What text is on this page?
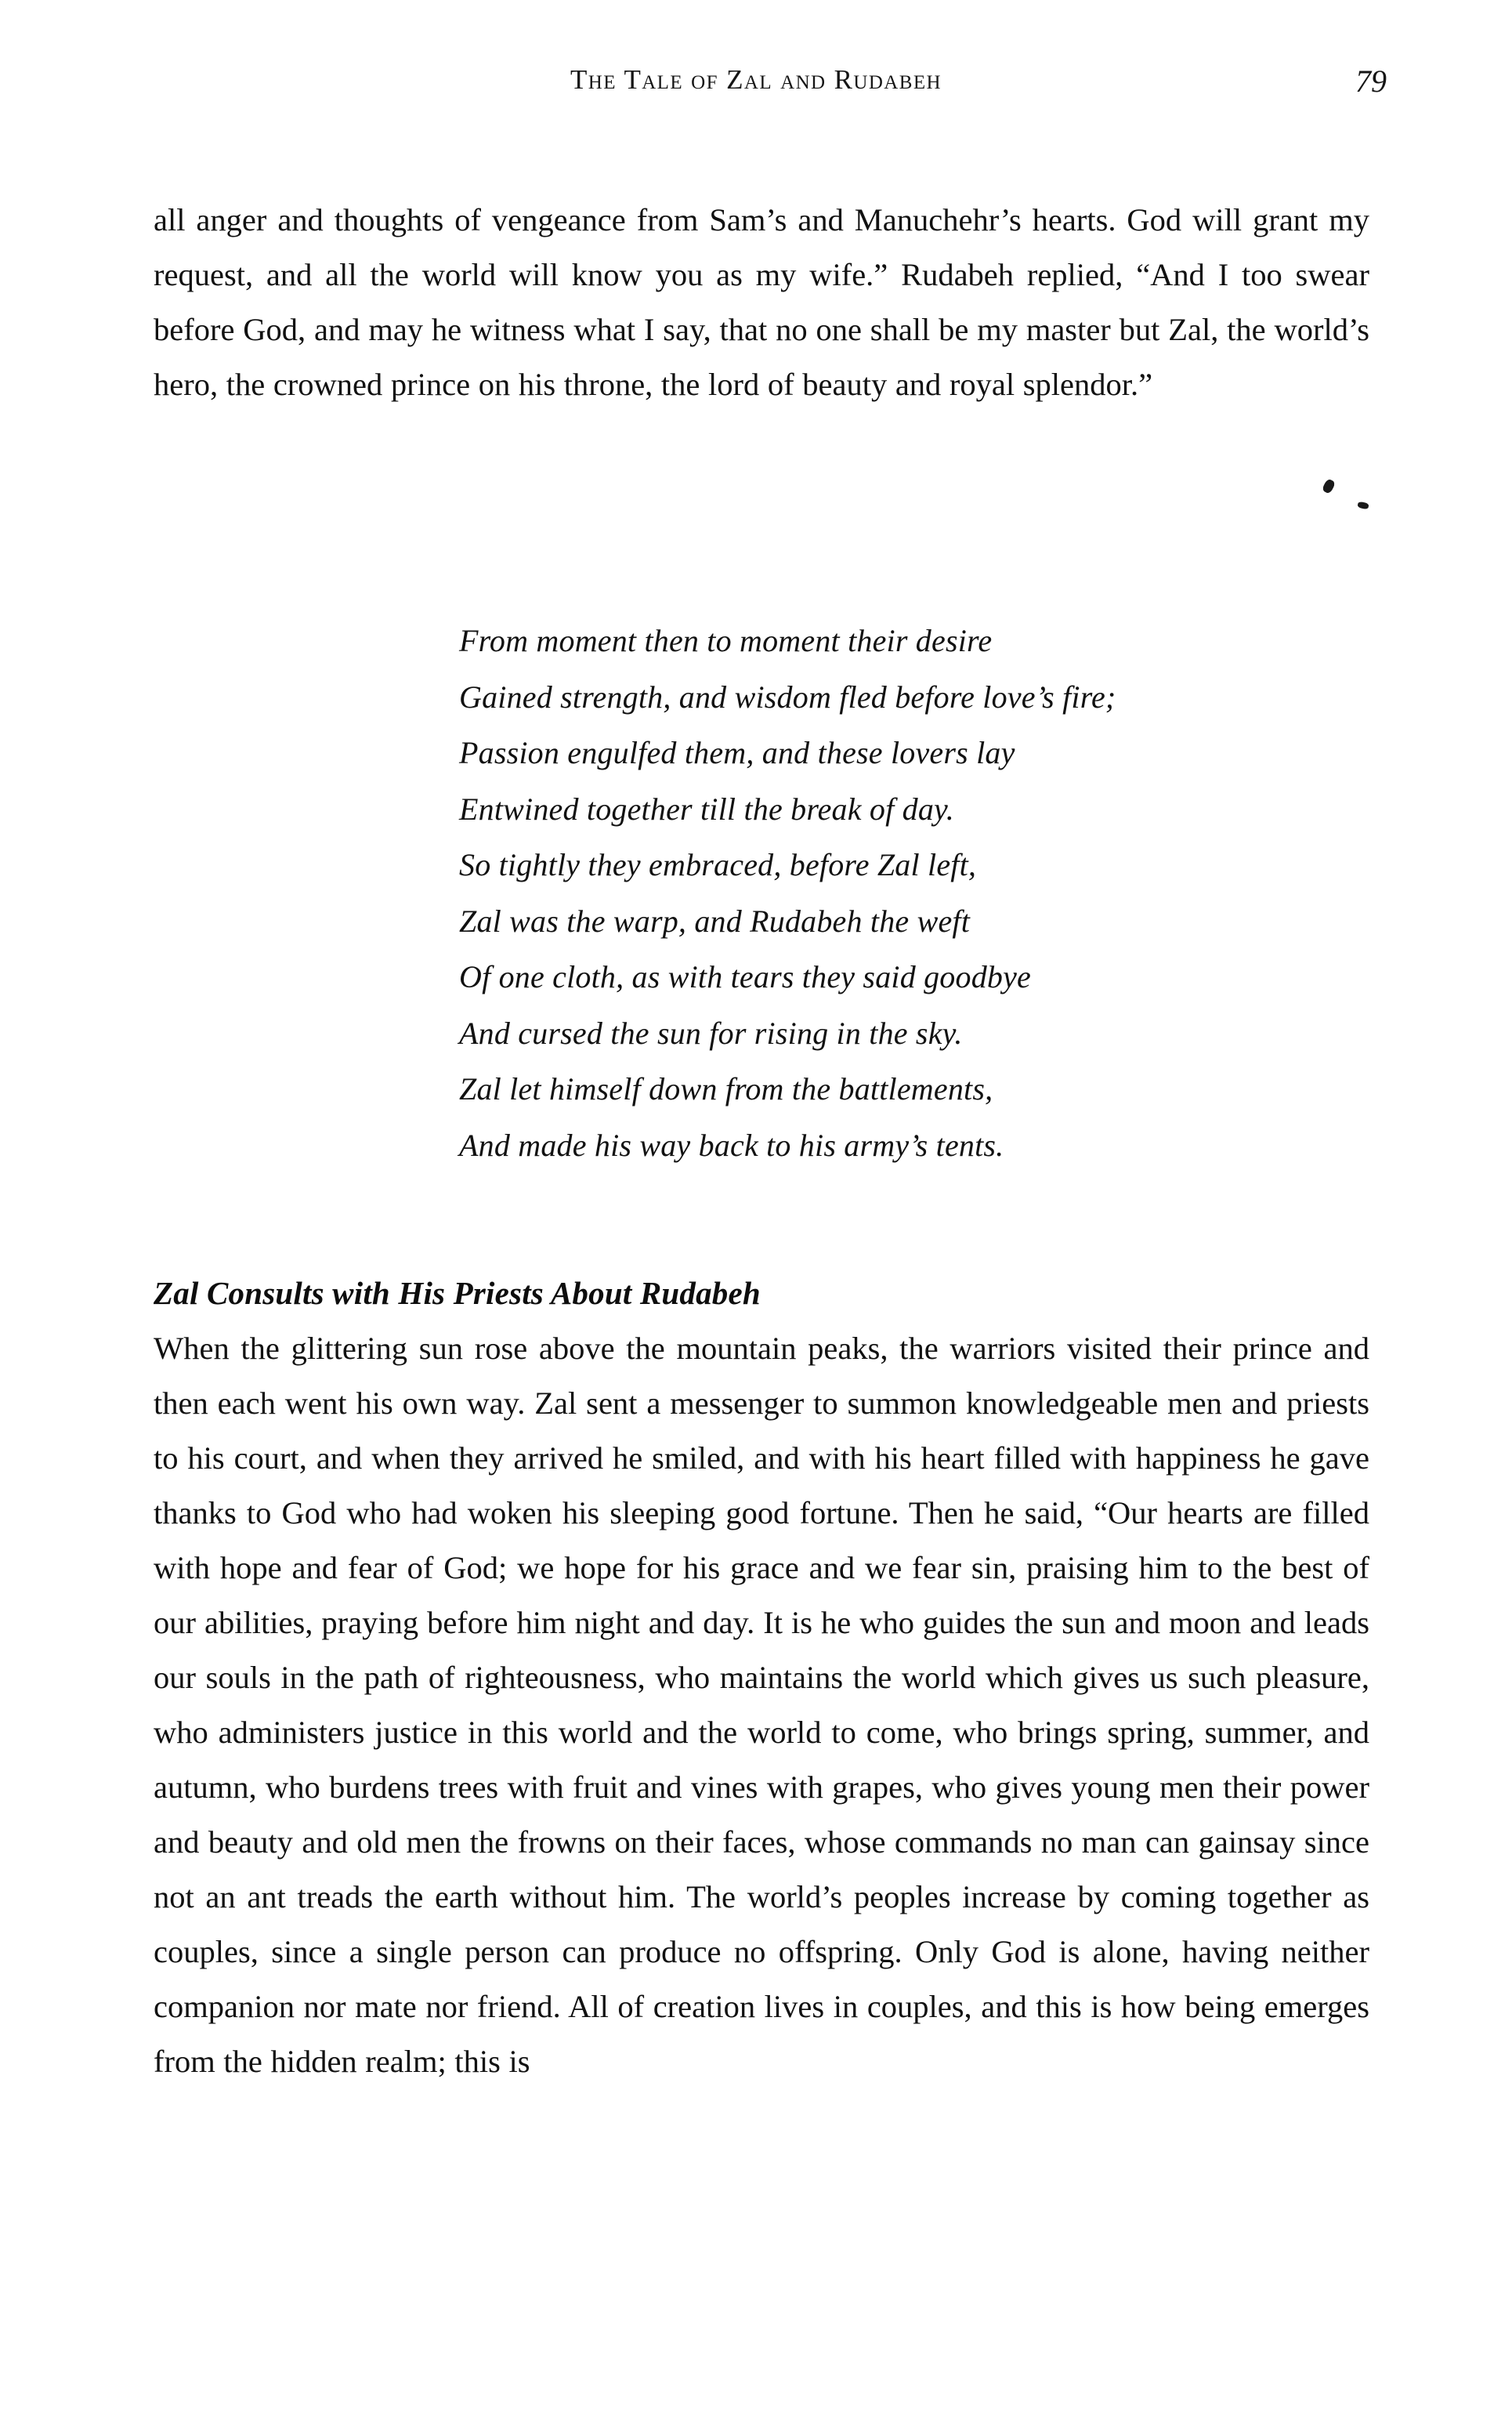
The Tale of Zal and Rudabeh	79

all anger and thoughts of vengeance from Sam’s and Manuchehr’s hearts. God will grant my request, and all the world will know you as my wife.” Rudabeh replied, “And I too swear before God, and may he witness what I say, that no one shall be my master but Zal, the world’s hero, the crowned prince on his throne, the lord of beauty and royal splendor.”

From moment then to moment their desire
Gained strength, and wisdom fled before love’s fire;
Passion engulfed them, and these lovers lay
Entwined together till the break of day.
So tightly they embraced, before Zal left,
Zal was the warp, and Rudabeh the weft
Of one cloth, as with tears they said goodbye
And cursed the sun for rising in the sky.
Zal let himself down from the battlements,
And made his way back to his army’s tents.
Zal Consults with His Priests About Rudabeh

When the glittering sun rose above the mountain peaks, the warriors visited their prince and then each went his own way. Zal sent a messenger to summon knowledgeable men and priests to his court, and when they arrived he smiled, and with his heart filled with happiness he gave thanks to God who had woken his sleeping good fortune. Then he said, “Our hearts are filled with hope and fear of God; we hope for his grace and we fear sin, praising him to the best of our abilities, praying before him night and day. It is he who guides the sun and moon and leads our souls in the path of righteousness, who maintains the world which gives us such pleasure, who administers justice in this world and the world to come, who brings spring, summer, and autumn, who burdens trees with fruit and vines with grapes, who gives young men their power and beauty and old men the frowns on their faces, whose commands no man can gainsay since not an ant treads the earth without him. The world’s peoples increase by coming together as couples, since a single person can produce no offspring. Only God is alone, having neither companion nor mate nor friend. All of creation lives in couples, and this is how being emerges from the hidden realm; this is
